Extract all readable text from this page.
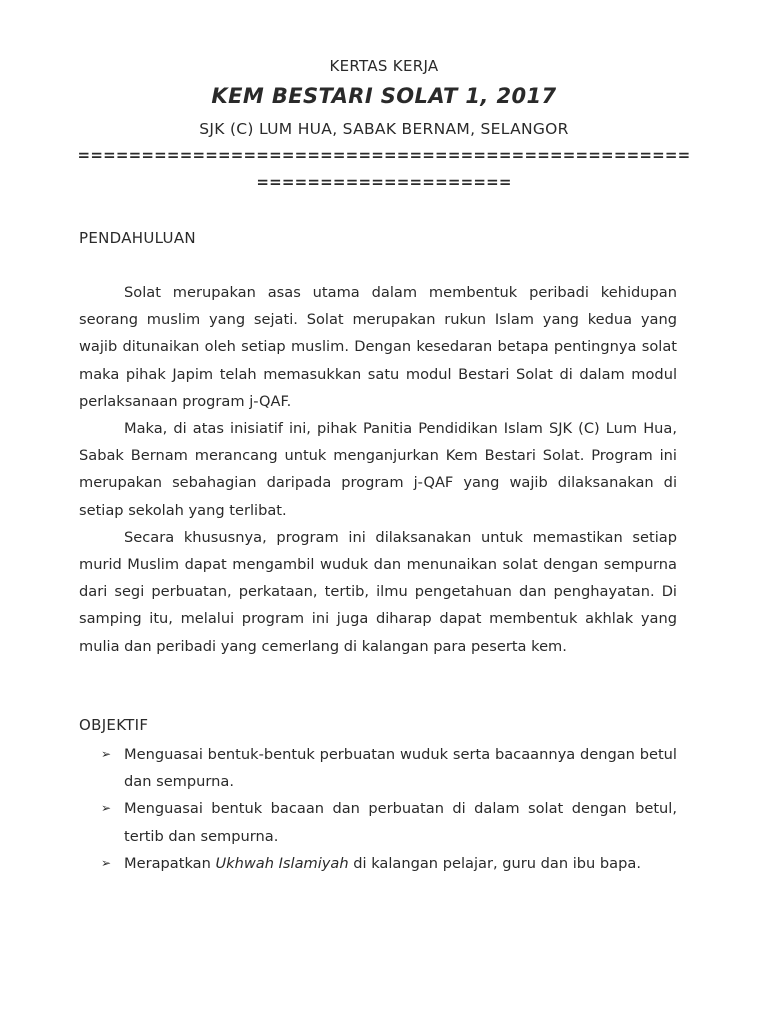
KERTAS KERJA
KEM BESTARI SOLAT 1, 2017
SJK (C) LUM HUA, SABAK BERNAM, SELANGOR
================================================
====================
PENDAHULUAN

Solat merupakan asas utama dalam membentuk peribadi kehidupan seorang muslim yang sejati. Solat merupakan rukun Islam yang kedua yang wajib ditunaikan oleh setiap muslim. Dengan kesedaran betapa pentingnya solat maka pihak Japim telah memasukkan satu modul Bestari Solat di dalam modul perlaksanaan program j-QAF.

Maka, di atas inisiatif ini, pihak Panitia Pendidikan Islam SJK (C) Lum Hua, Sabak Bernam merancang untuk menganjurkan Kem Bestari Solat. Program ini merupakan sebahagian daripada program j-QAF yang wajib dilaksanakan di setiap sekolah yang terlibat.

Secara khususnya, program ini dilaksanakan untuk memastikan setiap murid Muslim dapat mengambil wuduk dan menunaikan solat dengan sempurna dari segi perbuatan, perkataan, tertib, ilmu pengetahuan dan penghayatan. Di samping itu, melalui program ini juga diharap dapat membentuk akhlak yang mulia dan peribadi yang cemerlang di kalangan para peserta kem.

OBJEKTIF
➢ Menguasai bentuk-bentuk perbuatan wuduk serta bacaannya dengan betul dan sempurna.
➢ Menguasai bentuk bacaan dan perbuatan di dalam solat dengan betul, tertib dan sempurna.
➢ Merapatkan Ukhwah Islamiyah di kalangan pelajar, guru dan ibu bapa.
